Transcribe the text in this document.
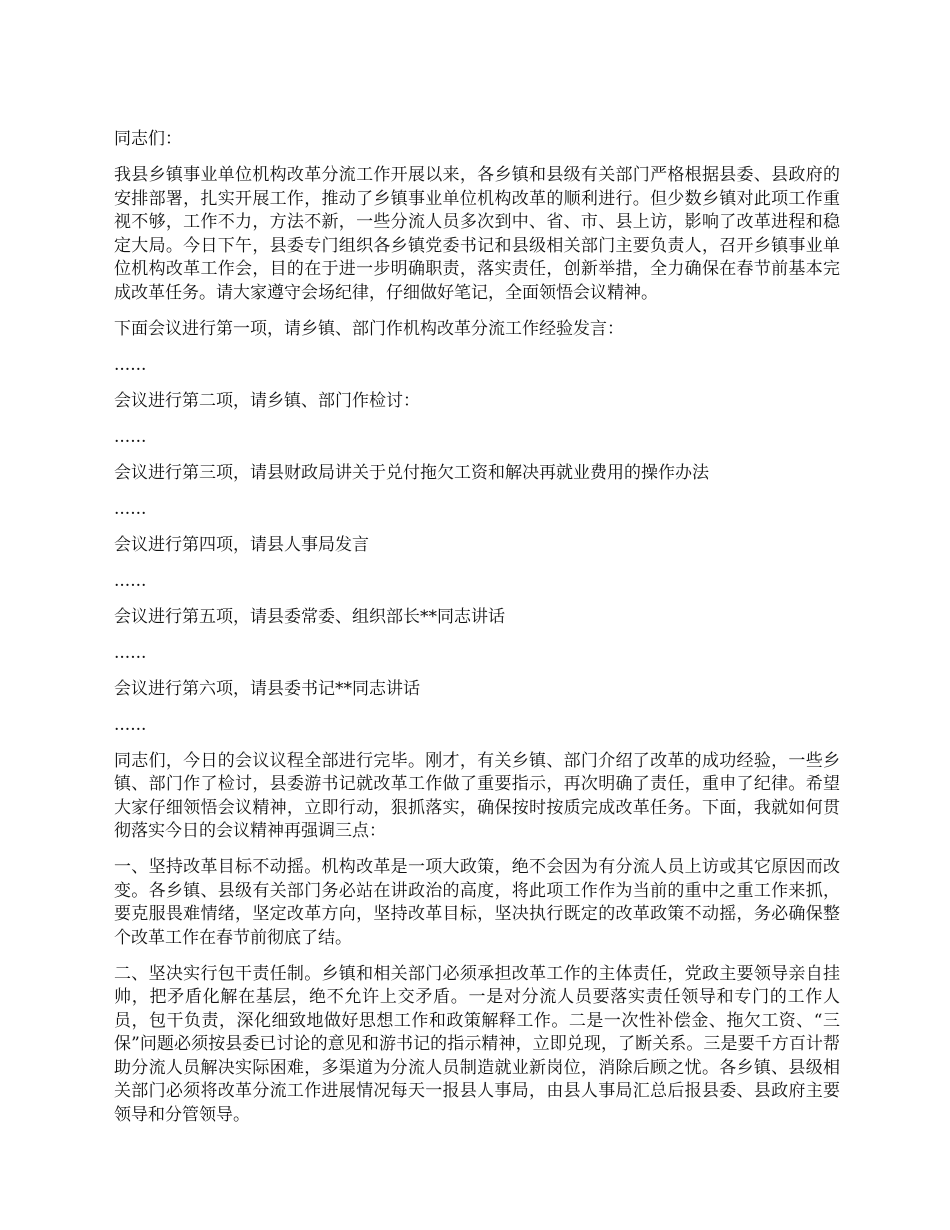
同志们：

我县乡镇事业单位机构改革分流工作开展以来，各乡镇和县级有关部门严格根据县委、县政府的安排部署，扎实开展工作，推动了乡镇事业单位机构改革的顺利进行。但少数乡镇对此项工作重视不够，工作不力，方法不新，一些分流人员多次到中、省、市、县上访，影响了改革进程和稳定大局。今日下午，县委专门组织各乡镇党委书记和县级相关部门主要负责人，召开乡镇事业单位机构改革工作会，目的在于进一步明确职责，落实责任，创新举措，全力确保在春节前基本完成改革任务。请大家遵守会场纪律，仔细做好笔记，全面领悟会议精神。

下面会议进行第一项，请乡镇、部门作机构改革分流工作经验发言：

......

会议进行第二项，请乡镇、部门作检讨：

......

会议进行第三项，请县财政局讲关于兑付拖欠工资和解决再就业费用的操作办法

......

会议进行第四项，请县人事局发言

......

会议进行第五项，请县委常委、组织部长**同志讲话

......

会议进行第六项，请县委书记**同志讲话

......

同志们，今日的会议议程全部进行完毕。刚才，有关乡镇、部门介绍了改革的成功经验，一些乡镇、部门作了检讨，县委游书记就改革工作做了重要指示，再次明确了责任，重申了纪律。希望大家仔细领悟会议精神，立即行动，狠抓落实，确保按时按质完成改革任务。下面，我就如何贯彻落实今日的会议精神再强调三点：

一、坚持改革目标不动摇。机构改革是一项大政策，绝不会因为有分流人员上访或其它原因而改变。各乡镇、县级有关部门务必站在讲政治的高度，将此项工作作为当前的重中之重工作来抓，要克服畏难情绪，坚定改革方向，坚持改革目标，坚决执行既定的改革政策不动摇，务必确保整个改革工作在春节前彻底了结。

二、坚决实行包干责任制。乡镇和相关部门必须承担改革工作的主体责任，党政主要领导亲自挂帅，把矛盾化解在基层，绝不允许上交矛盾。一是对分流人员要落实责任领导和专门的工作人员，包干负责，深化细致地做好思想工作和政策解释工作。二是一次性补偿金、拖欠工资、“三保”问题必须按县委已讨论的意见和游书记的指示精神，立即兑现，了断关系。三是要千方百计帮助分流人员解决实际困难，多渠道为分流人员制造就业新岗位，消除后顾之忧。各乡镇、县级相关部门必须将改革分流工作进展情况每天一报县人事局，由县人事局汇总后报县委、县政府主要领导和分管领导。
